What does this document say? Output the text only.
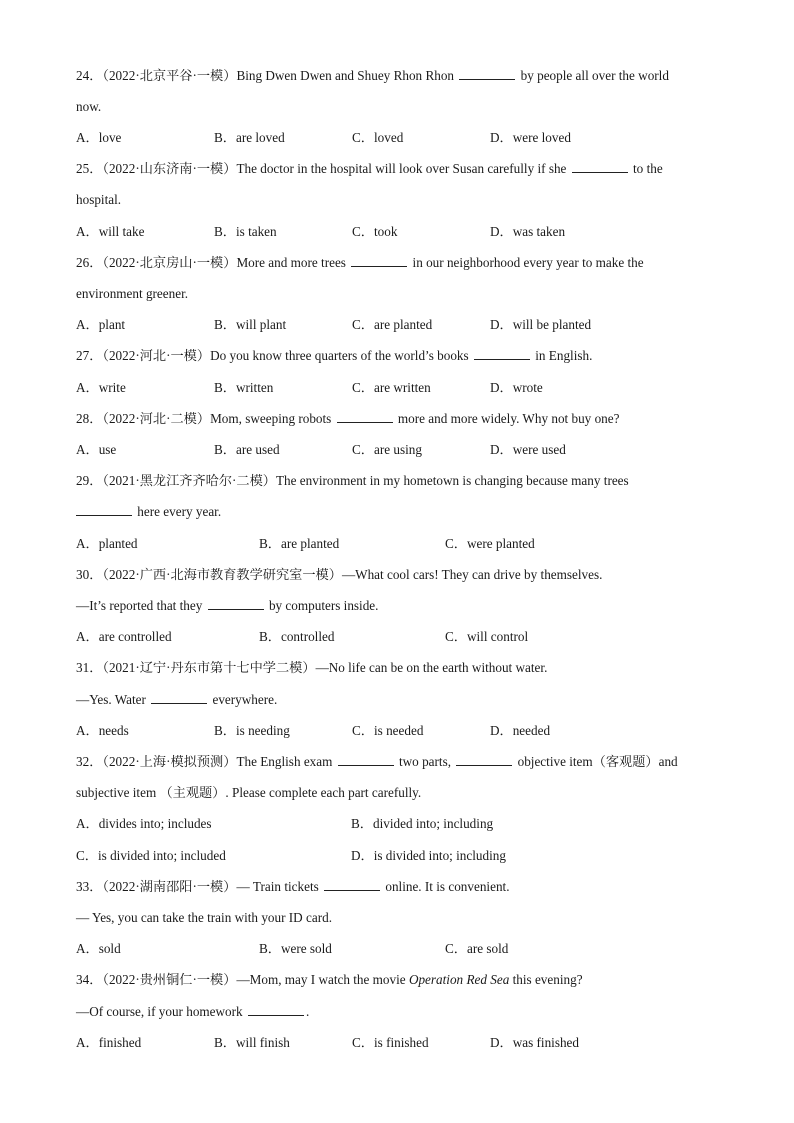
24．（2022·北京平谷·一模）Bing Dwen Dwen and Shuey Rhon Rhon	by people all over the world
now.
A．love	B．are loved	C．loved	D．were loved
25．（2022·山东济南·一模）The doctor in the hospital will look over Susan carefully if she	to the
hospital.
A．will take	B．is taken	C．took	D．was taken
26．（2022·北京房山·一模）More and more trees	in our neighborhood every year to make the
environment greener.
A．plant	B．will plant	C．are planted	D．will be planted
27．（2022·河北·一模）Do you know three quarters of the world’s books	in English.
A．write	B．written	C．are written	D．wrote
28．（2022·河北·二模）Mom, sweeping robots	more and more widely. Why not buy one?
A．use	B．are used	C．are using	D．were used
29．（2021·黑龙江齐齐哈尔·二模）The environment in my hometown is changing because many trees
here every year.
A．planted	B．are planted	C．were planted
30．（2022·广西·北海市教育教学研究室一模）—What cool cars! They can drive by themselves.
—It’s reported that they	by computers inside.
A．are controlled	B．controlled	C．will control
31．（2021·辽宁·丹东市第十七中学二模）—No life can be on the earth without water.
—Yes. Water	everywhere.
A．needs	B．is needing	C．is needed	D．needed
32．（2022·上海·模拟预测）The English exam	two parts,	objective item（客观题）and
subjective item （主观题）. Please complete each part carefully.
A．divides into; includes	B．divided into; including
C．is divided into; included	D．is divided into; including
33．（2022·湖南邵阳·一模）— Train tickets	online. It is convenient.
— Yes, you can take the train with your ID card.
A．sold	B．were sold	C．are sold
34．（2022·贵州铜仁·一模）—Mom, may I watch the movie Operation Red Sea this evening?
—Of course, if your homework	.
A．finished	B．will finish	C．is finished	D．was finished
